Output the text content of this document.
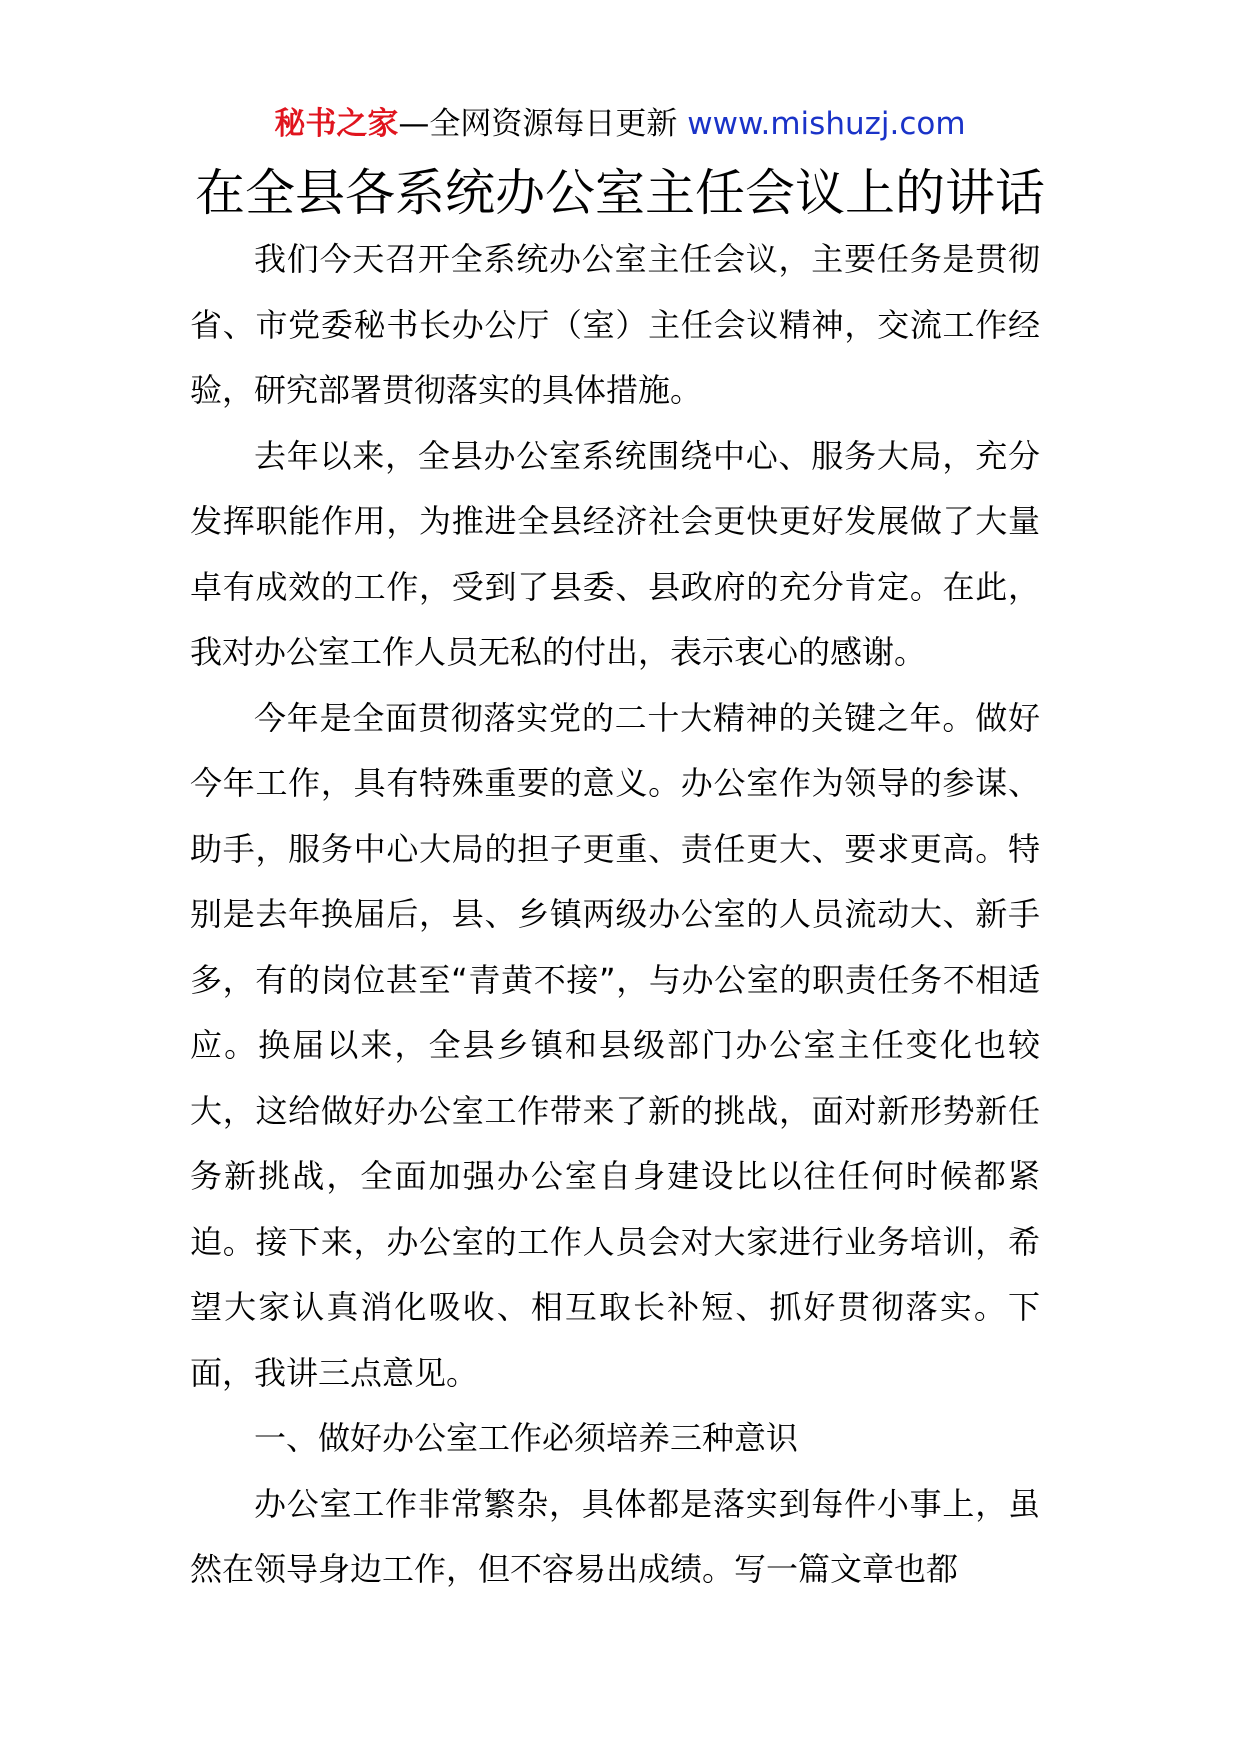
秘书之家—全网资源每日更新 www.mishuzj.com
在全县各系统办公室主任会议上的讲话

我们今天召开全系统办公室主任会议，主要任务是贯彻省、市党委秘书长办公厅（室）主任会议精神，交流工作经验，研究部署贯彻落实的具体措施。

去年以来，全县办公室系统围绕中心、服务大局，充分发挥职能作用，为推进全县经济社会更快更好发展做了大量卓有成效的工作，受到了县委、县政府的充分肯定。在此，我对办公室工作人员无私的付出，表示衷心的感谢。

今年是全面贯彻落实党的二十大精神的关键之年。做好今年工作，具有特殊重要的意义。办公室作为领导的参谋、助手，服务中心大局的担子更重、责任更大、要求更高。特别是去年换届后，县、乡镇两级办公室的人员流动大、新手多，有的岗位甚至“青黄不接”，与办公室的职责任务不相适应。换届以来，全县乡镇和县级部门办公室主任变化也较大，这给做好办公室工作带来了新的挑战，面对新形势新任务新挑战，全面加强办公室自身建设比以往任何时候都紧迫。接下来，办公室的工作人员会对大家进行业务培训，希望大家认真消化吸收、相互取长补短、抓好贯彻落实。下面，我讲三点意见。

一、做好办公室工作必须培养三种意识

办公室工作非常繁杂，具体都是落实到每件小事上，虽然在领导身边工作，但不容易出成绩。写一篇文章也都
